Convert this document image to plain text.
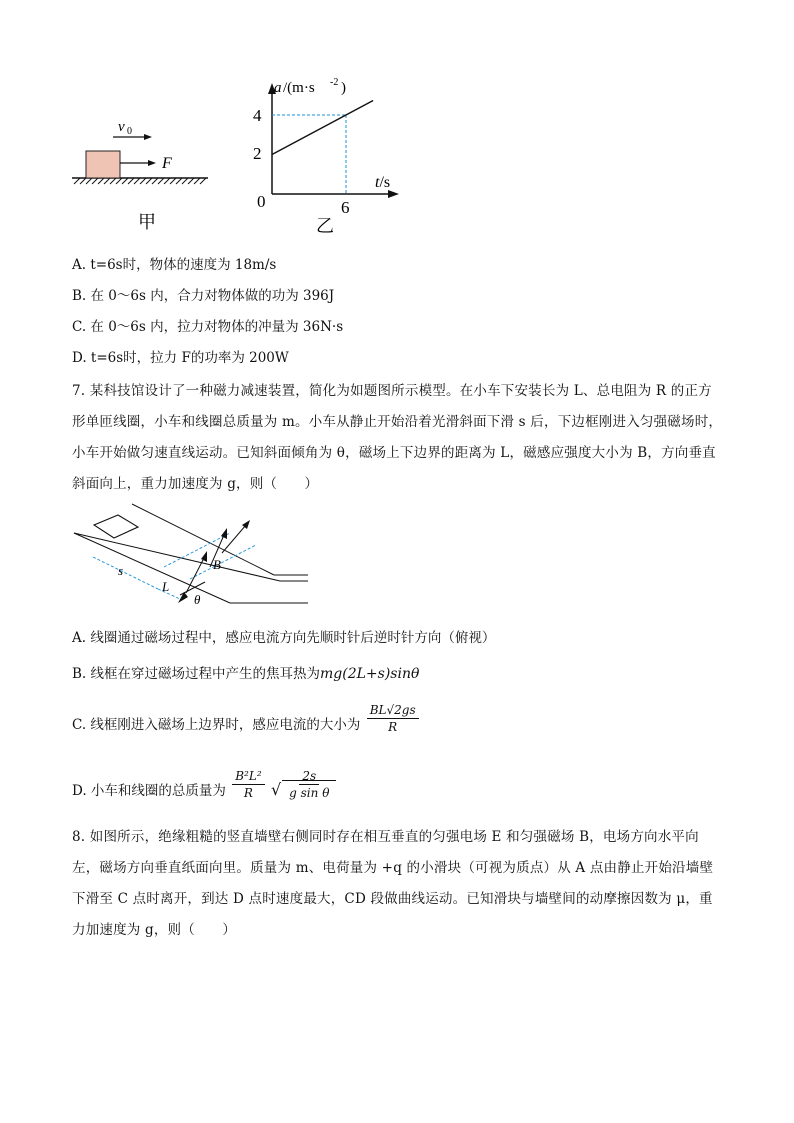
v 0
F
甲
a /(m·s -2 )
t/s
4
2
0	6
乙
A. t=6s时，物体的速度为 18m/s
B. 在 0～6s 内，合力对物体做的功为 396J
C. 在 0～6s 内，拉力对物体的冲量为 36N·s
D. t=6s时，拉力 F的功率为 200W
7. 某科技馆设计了一种磁力减速装置，简化为如题图所示模型。在小车下安装长为 L、总电阻为 R 的正方形单匝线圈，小车和线圈总质量为 m。小车从静止开始沿着光滑斜面下滑 s 后，下边框刚进入匀强磁场时，小车开始做匀速直线运动。已知斜面倾角为 θ，磁场上下边界的距离为 L，磁感应强度大小为 B，方向垂直斜面向上，重力加速度为 g，则（　　）
s
L
B
θ
A. 线圈通过磁场过程中，感应电流方向先顺时针后逆时针方向（俯视）
B. 线框在穿过磁场过程中产生的焦耳热为mg(2L+s)sinθ
C. 线框刚进入磁场上边界时，感应电流的大小为 $\frac{BL√2gs}{R}$
D. 小车和线圈的总质量为 $\frac{\text{B²L²}}{R}$ √ $\frac{2s}{\text{g sin θ}}$
8. 如图所示，绝缘粗糙的竖直墙壁右侧同时存在相互垂直的匀强电场 E 和匀强磁场 B，电场方向水平向左，磁场方向垂直纸面向里。质量为 m、电荷量为 +q 的小滑块（可视为质点）从 A 点由静止开始沿墙壁下滑至 C 点时离开，到达 D 点时速度最大，CD 段做曲线运动。已知滑块与墙壁间的动摩擦因数为 μ，重力加速度为 g，则（　　）
